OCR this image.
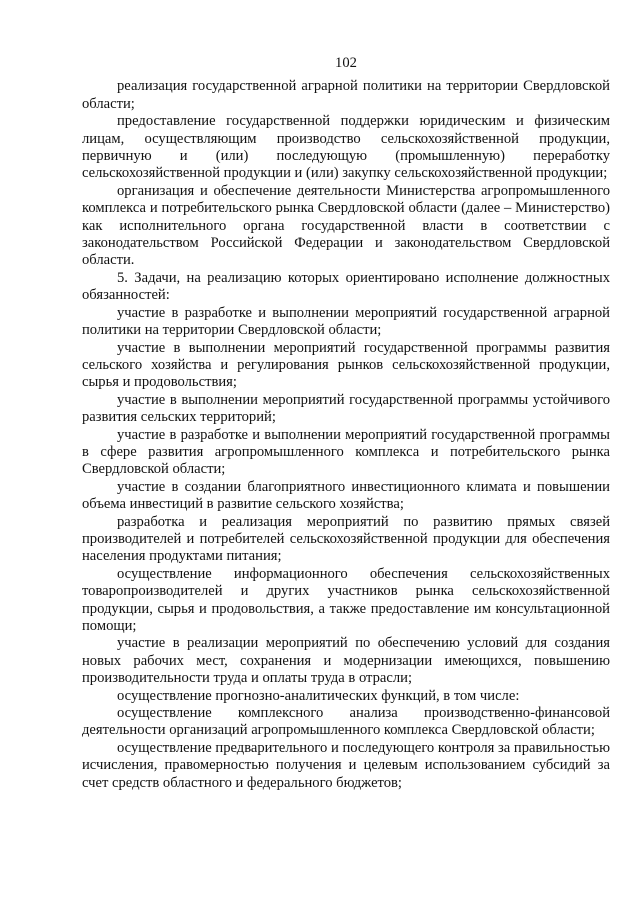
102

реализация государственной аграрной политики на территории Свердловской области;

предоставление государственной поддержки юридическим и физическим лицам, осуществляющим производство сельскохозяйственной продукции, первичную и (или) последующую (промышленную) переработку сельскохозяйственной продукции и (или) закупку сельскохозяйственной продукции;

организация и обеспечение деятельности Министерства агропромышленного комплекса и потребительского рынка Свердловской области (далее – Министерство) как исполнительного органа государственной власти в соответствии с законодательством Российской Федерации и законодательством Свердловской области.

5. Задачи, на реализацию которых ориентировано исполнение должностных обязанностей:

участие в разработке и выполнении мероприятий государственной аграрной политики на территории Свердловской области;

участие в выполнении мероприятий государственной программы развития сельского хозяйства и регулирования рынков сельскохозяйственной продукции, сырья и продовольствия;

участие в выполнении мероприятий государственной программы устойчивого развития сельских территорий;

участие в разработке и выполнении мероприятий государственной программы в сфере развития агропромышленного комплекса и потребительского рынка Свердловской области;

участие в создании благоприятного инвестиционного климата и повышении объема инвестиций в развитие сельского хозяйства;

разработка и реализация мероприятий по развитию прямых связей производителей и потребителей сельскохозяйственной продукции для обеспечения населения продуктами питания;

осуществление информационного обеспечения сельскохозяйственных товаропроизводителей и других участников рынка сельскохозяйственной продукции, сырья и продовольствия, а также предоставление им консультационной помощи;

участие в реализации мероприятий по обеспечению условий для создания новых рабочих мест, сохранения и модернизации имеющихся, повышению производительности труда и оплаты труда в отрасли;

осуществление прогнозно-аналитических функций, в том числе:

осуществление комплексного анализа производственно-финансовой деятельности организаций агропромышленного комплекса Свердловской области;

осуществление предварительного и последующего контроля за правильностью исчисления, правомерностью получения и целевым использованием субсидий за счет средств областного и федерального бюджетов;
